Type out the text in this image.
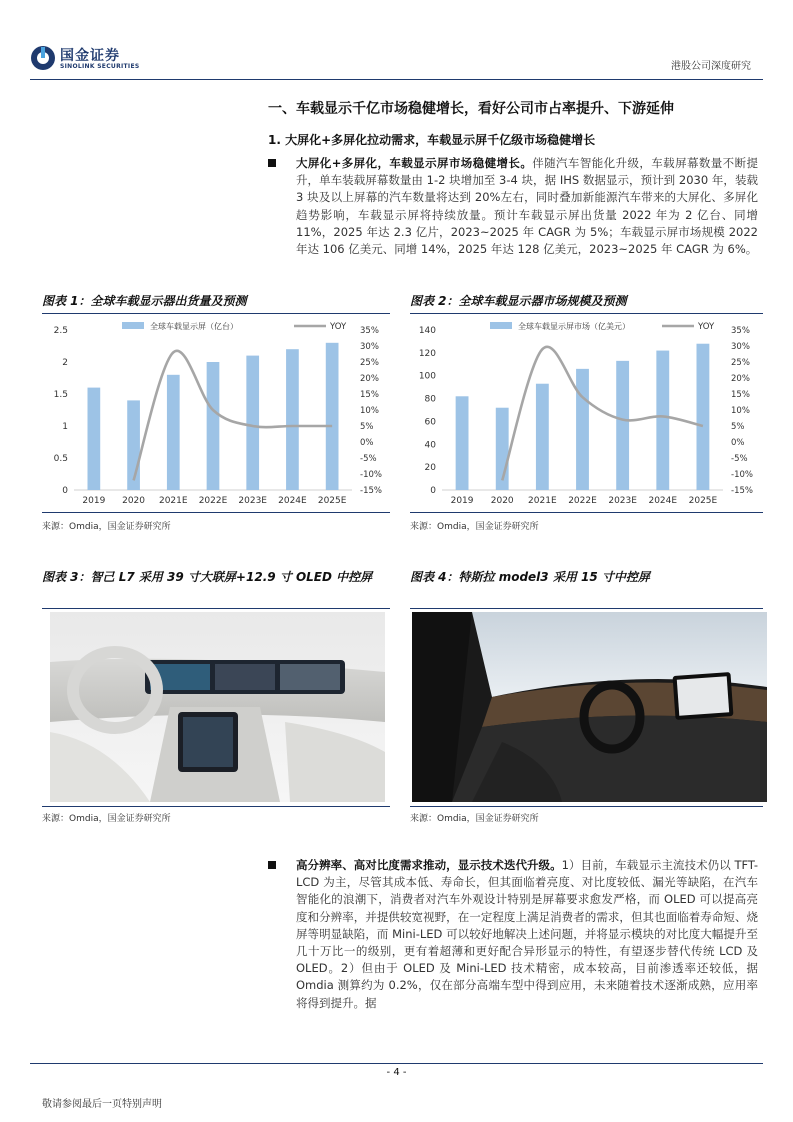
国金证券
SINOLINK SECURITIES	港股公司深度研究
一、车载显示千亿市场稳健增长，看好公司市占率提升、下游延伸
1. 大屏化+多屏化拉动需求，车载显示屏千亿级市场稳健增长

大屏化+多屏化，车载显示屏市场稳健增长。伴随汽车智能化升级，车载屏幕数量不断提升，单车装载屏幕数量由 1-2 块增加至 3-4 块，据 IHS 数据显示，预计到 2030 年，装载 3 块及以上屏幕的汽车数量将达到 20%左右，同时叠加新能源汽车带来的大屏化、多屏化趋势影响，车载显示屏将持续放量。预计车载显示屏出货量 2022 年为 2 亿台、同增 11%，2025 年达 2.3 亿片，2023~2025 年 CAGR 为 5%；车载显示屏市场规模 2022 年达 106 亿美元、同增 14%，2025 年达 128 亿美元，2023~2025 年 CAGR 为 6%。

图表 1：全球车载显示器出货量及预测
0
0.5
1
1.5
2
2.5
-15%
-10%
-5%
0%
5%
10%
15%
20%
25%
30%
35%
2019 2020 2021E 2022E 2023E 2024E 2025E
全球车载显示屏（亿台）	YOY
来源：Omdia，国金证券研究所
图表 2：全球车载显示器市场规模及预测
0
20
40
60
80
100
120
140
-15%
-10%
-5%
0%
5%
10%
15%
20%
25%
30%
35%
2019 2020 2021E 2022E 2023E 2024E 2025E
全球车载显示屏市场（亿美元）	YOY
来源：Omdia，国金证券研究所
图表 3：智己 L7 采用 39 寸大联屏+12.9 寸 OLED 中控屏
来源：Omdia，国金证券研究所
图表 4：特斯拉 model3 采用 15 寸中控屏
来源：Omdia，国金证券研究所

高分辨率、高对比度需求推动，显示技术迭代升级。1）目前，车载显示主流技术仍以 TFT-LCD 为主，尽管其成本低、寿命长，但其面临着亮度、对比度较低、漏光等缺陷，在汽车智能化的浪潮下，消费者对汽车外观设计特别是屏幕要求愈发严格，而 OLED 可以提高亮度和分辨率，并提供较宽视野，在一定程度上满足消费者的需求，但其也面临着寿命短、烧屏等明显缺陷，而 Mini-LED 可以较好地解决上述问题，并将显示模块的对比度大幅提升至几十万比一的级别，更有着超薄和更好配合异形显示的特性，有望逐步替代传统 LCD 及 OLED。2）但由于 OLED 及 Mini-LED 技术精密，成本较高，目前渗透率还较低，据 Omdia 测算约为 0.2%，仅在部分高端车型中得到应用，未来随着技术逐渐成熟，应用率将得到提升。据

- 4 -
敬请参阅最后一页特别声明
